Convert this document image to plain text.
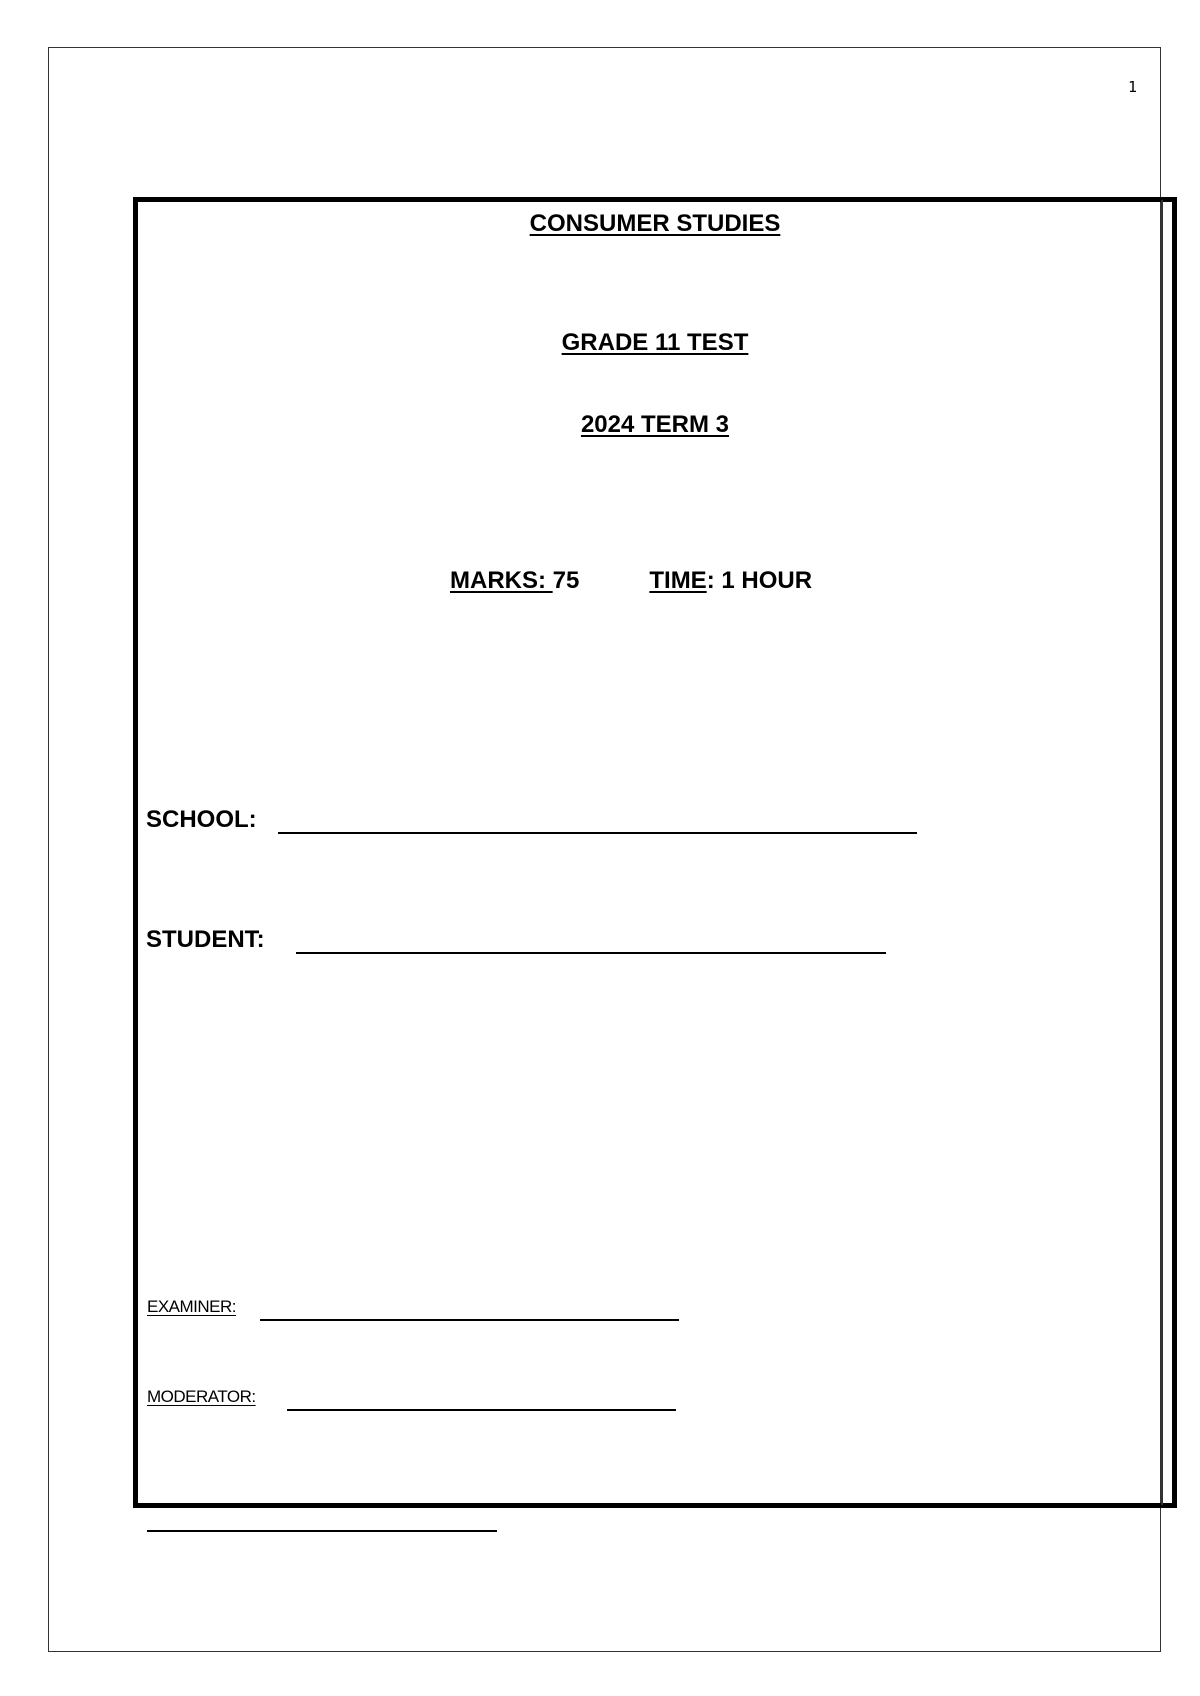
1
CONSUMER STUDIES
GRADE 11 TEST
2024 TERM 3
MARKS: 75	TIME: 1 HOUR
SCHOOL:
STUDENT:
EXAMINER:
MODERATOR:
